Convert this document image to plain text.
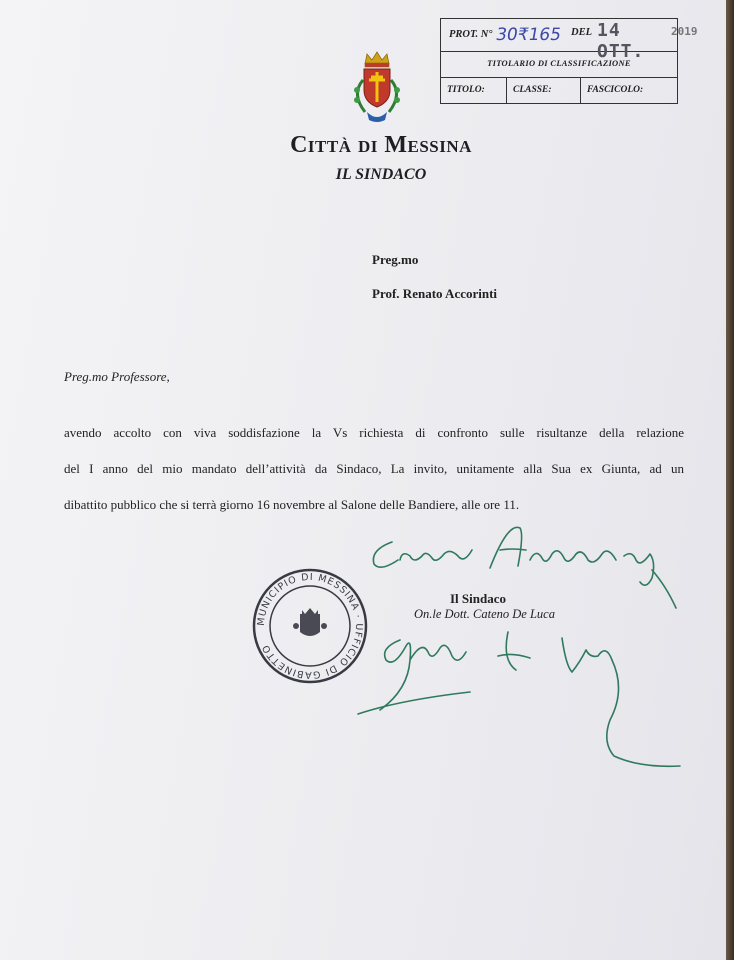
PROT. N° 30₹165 DEL 14 OTT.
2019
TITOLARIO DI CLASSIFICAZIONE
TITOLO:	CLASSE:	FASCICOLO:
Città di Messina
IL SINDACO
Preg.mo
Prof. Renato Accorinti
Preg.mo Professore,
avendo accolto con viva soddisfazione la Vs richiesta di confronto sulle risultanze della relazione
del I anno del mio mandato dell’attività da Sindaco, La invito, unitamente alla Sua ex Giunta, ad un
dibattito pubblico che si terrà giorno 16 novembre al Salone delle Bandiere, alle ore 11.
MUNICIPIO DI MESSINA · UFFICIO DI GABINETTO
Il Sindaco
On.le Dott. Cateno De Luca
